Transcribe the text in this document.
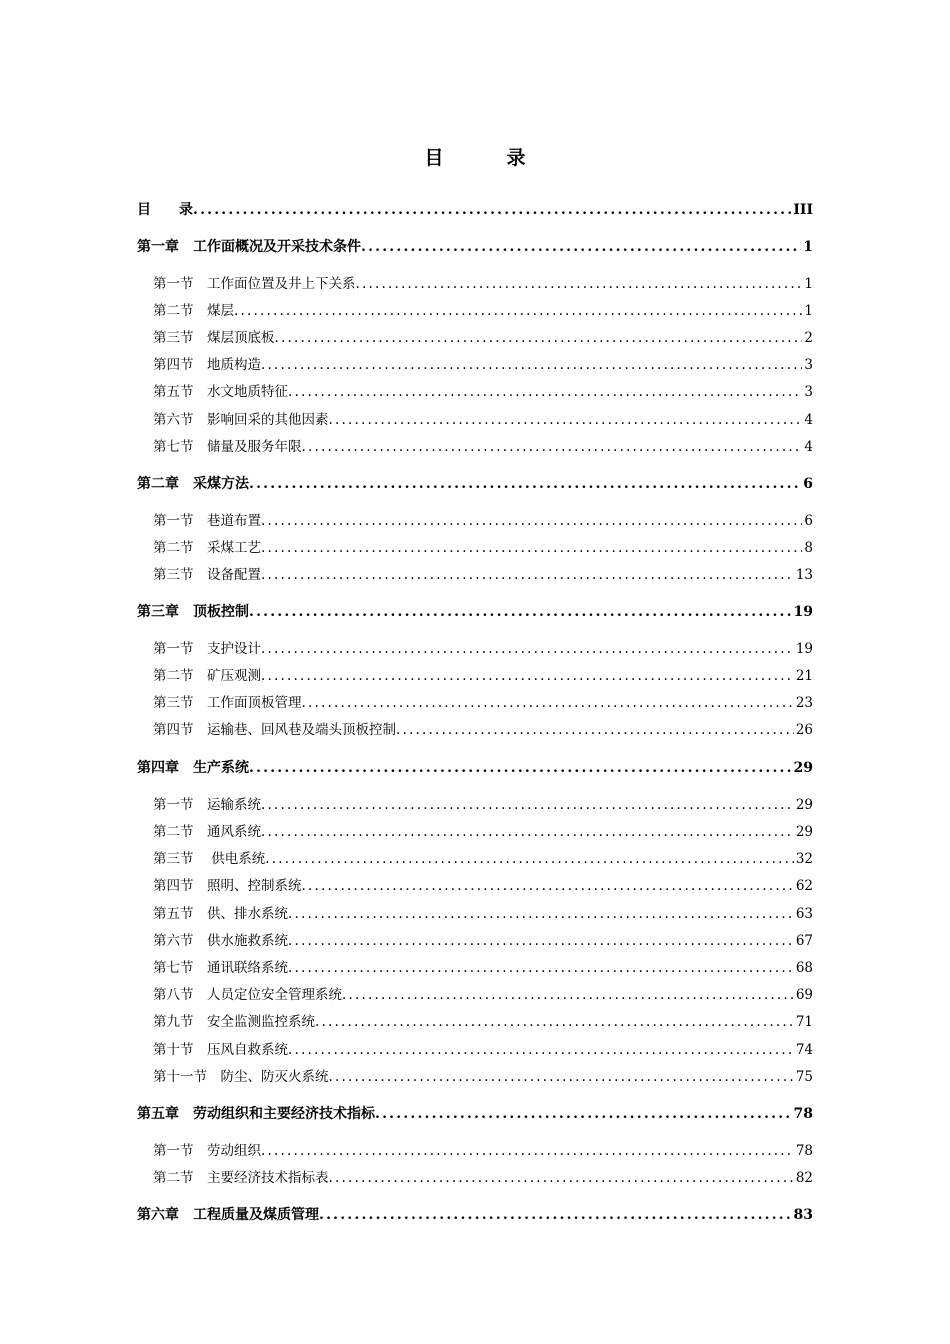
目　录
目　　录 .....	III
第一章　工作面概况及开采技术条件 .....	1
第一节　工作面位置及井上下关系 .....	1
第二节　煤层 .....	1
第三节　煤层顶底板 .....	2
第四节　地质构造 .....	3
第五节　水文地质特征 .....	3
第六节　影响回采的其他因素 .....	4
第七节　储量及服务年限 .....	4
第二章　采煤方法 .....	6
第一节　巷道布置 .....	6
第二节　采煤工艺 .....	8
第三节　设备配置 .....	13
第三章　顶板控制 .....	19
第一节　支护设计 .....	19
第二节　矿压观测 .....	21
第三节　工作面顶板管理 .....	23
第四节　运输巷、回风巷及端头顶板控制 .....	26
第四章　生产系统 .....	29
第一节　运输系统 .....	29
第二节　通风系统 .....	29
第三节　 供电系统 .....	32
第四节　照明、控制系统 .....	62
第五节　供、排水系统 .....	63
第六节　供水施救系统 .....	67
第七节　通讯联络系统 .....	68
第八节　人员定位安全管理系统 .....	69
第九节　安全监测监控系统 .....	71
第十节　压风自救系统 .....	74
第十一节　防尘、防灭火系统 .....	75
第五章　劳动组织和主要经济技术指标 .....	78
第一节　劳动组织 .....	78
第二节　主要经济技术指标表 .....	82
第六章　工程质量及煤质管理 .....	83
